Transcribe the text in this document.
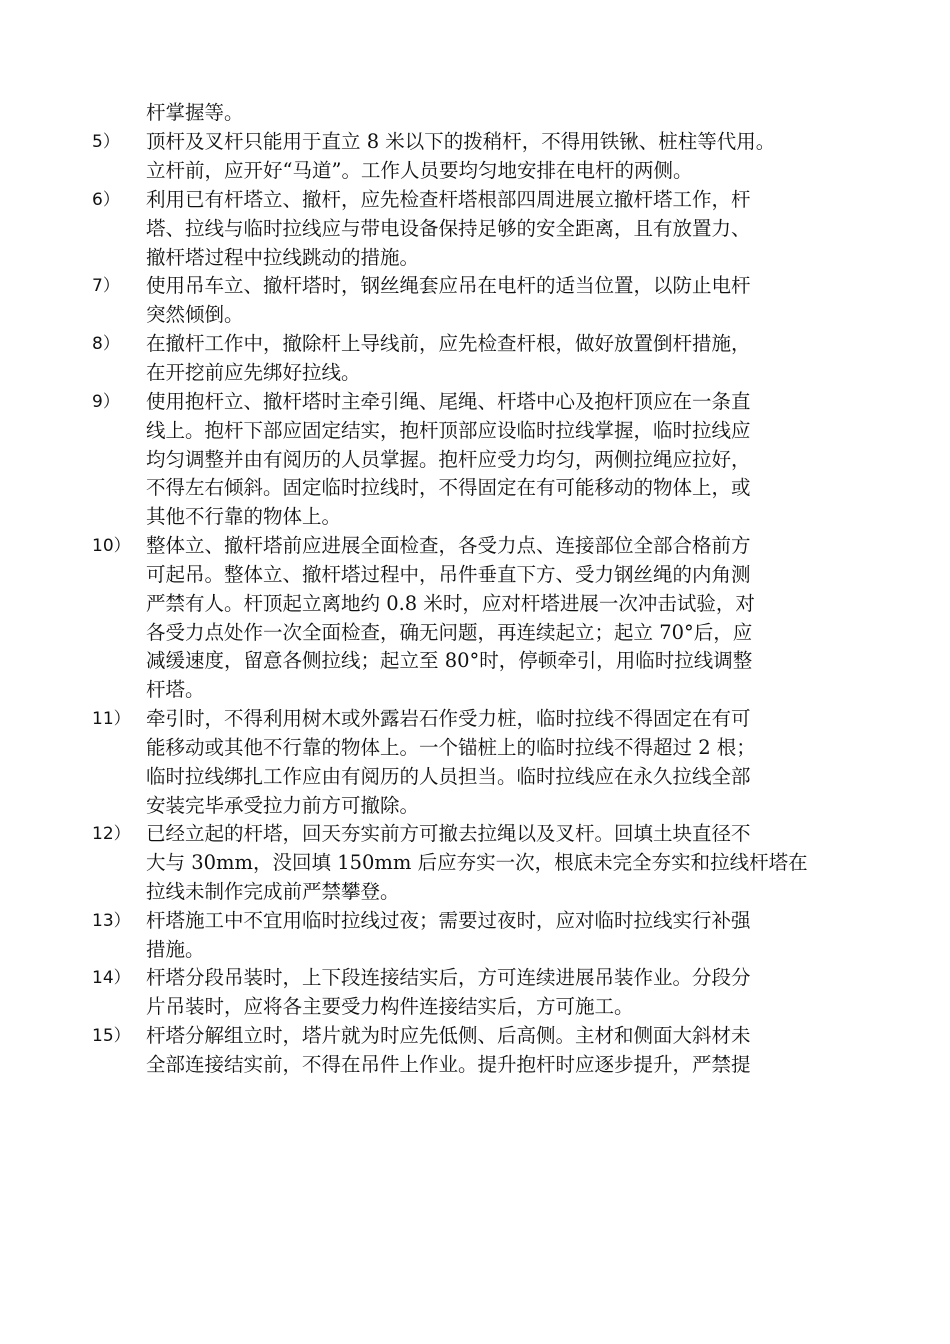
杆掌握等。
5） 顶杆及叉杆只能用于直立 8 米以下的拨稍杆，不得用铁锹、桩柱等代用。
立杆前，应开好“马道”。工作人员要均匀地安排在电杆的两侧。
6） 利用已有杆塔立、撤杆，应先检查杆塔根部四周进展立撤杆塔工作，杆
塔、拉线与临时拉线应与带电设备保持足够的安全距离，且有放置力、
撤杆塔过程中拉线跳动的措施。
7） 使用吊车立、撤杆塔时，钢丝绳套应吊在电杆的适当位置，以防止电杆
突然倾倒。
8） 在撤杆工作中，撤除杆上导线前，应先检查杆根，做好放置倒杆措施，
在开挖前应先绑好拉线。
9） 使用抱杆立、撤杆塔时主牵引绳、尾绳、杆塔中心及抱杆顶应在一条直
线上。抱杆下部应固定结实，抱杆顶部应设临时拉线掌握，临时拉线应
均匀调整并由有阅历的人员掌握。抱杆应受力均匀，两侧拉绳应拉好，
不得左右倾斜。固定临时拉线时，不得固定在有可能移动的物体上，或
其他不行靠的物体上。
10） 整体立、撤杆塔前应进展全面检查，各受力点、连接部位全部合格前方
可起吊。整体立、撤杆塔过程中，吊件垂直下方、受力钢丝绳的内角测
严禁有人。杆顶起立离地约 0.8 米时，应对杆塔进展一次冲击试验，对
各受力点处作一次全面检查，确无问题，再连续起立；起立 70°后，应
减缓速度，留意各侧拉线；起立至 80°时，停顿牵引，用临时拉线调整
杆塔。
11） 牵引时，不得利用树木或外露岩石作受力桩，临时拉线不得固定在有可
能移动或其他不行靠的物体上。一个锚桩上的临时拉线不得超过 2 根；
临时拉线绑扎工作应由有阅历的人员担当。临时拉线应在永久拉线全部
安装完毕承受拉力前方可撤除。
12） 已经立起的杆塔，回天夯实前方可撤去拉绳以及叉杆。回填土块直径不
大与 30mm，没回填 150mm 后应夯实一次，根底未完全夯实和拉线杆塔在
拉线未制作完成前严禁攀登。
13） 杆塔施工中不宜用临时拉线过夜；需要过夜时，应对临时拉线实行补强
措施。
14） 杆塔分段吊装时，上下段连接结实后，方可连续进展吊装作业。分段分
片吊装时，应将各主要受力构件连接结实后，方可施工。
15） 杆塔分解组立时，塔片就为时应先低侧、后高侧。主材和侧面大斜材未
全部连接结实前，不得在吊件上作业。提升抱杆时应逐步提升，严禁提
